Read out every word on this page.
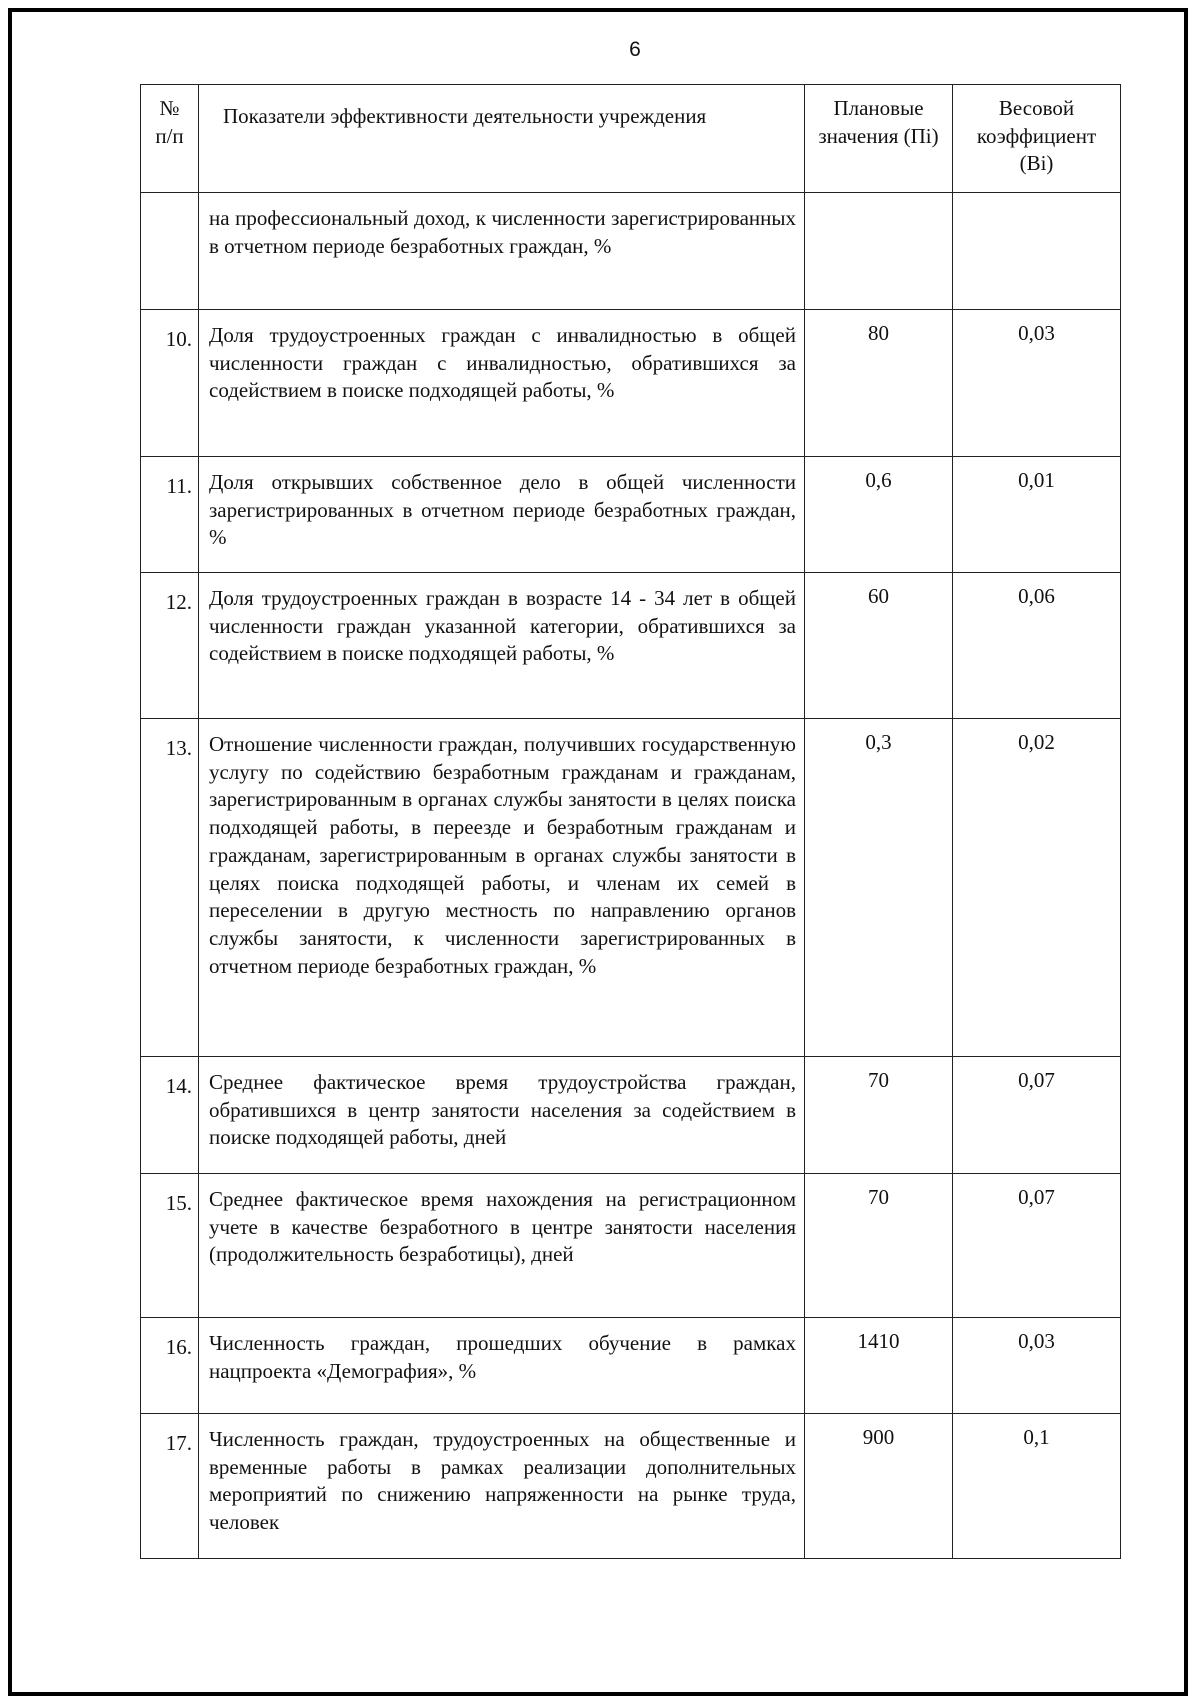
6
№ п/п	Показатели эффективности деятельности учреждения	Плановые значения (Пi)	Весовой коэффициент (Bi)
	на профессиональный доход, к численности зарегистрированных в отчетном периоде безработных граждан, %		
10.	Доля трудоустроенных граждан с инвалидностью в общей численности граждан с инвалидностью, обратившихся за содействием в поиске подходящей работы, %	80	0,03
11.	Доля открывших собственное дело в общей численности зарегистрированных в отчетном периоде безработных граждан, %	0,6	0,01
12.	Доля трудоустроенных граждан в возрасте 14 - 34 лет в общей численности граждан указанной категории, обратившихся за содействием в поиске подходящей работы, %	60	0,06
13.	Отношение численности граждан, получивших государственную услугу по содействию безработным гражданам и гражданам, зарегистрированным в органах службы занятости в целях поиска подходящей работы, в переезде и безработным гражданам и гражданам, зарегистрированным в органах службы занятости в целях поиска подходящей работы, и членам их семей в переселении в другую местность по направлению органов службы занятости, к численности зарегистрированных в отчетном периоде безработных граждан, %	0,3	0,02
14.	Среднее фактическое время трудоустройства граждан, обратившихся в центр занятости населения за содействием в поиске подходящей работы, дней	70	0,07
15.	Среднее фактическое время нахождения на регистрационном учете в качестве безработного в центре занятости населения (продолжительность безработицы), дней	70	0,07
16.	Численность граждан, прошедших обучение в рамках нацпроекта «Демография», %	1410	0,03
17.	Численность граждан, трудоустроенных на общественные и временные работы в рамках реализации дополнительных мероприятий по снижению напряженности на рынке труда, человек	900	0,1
